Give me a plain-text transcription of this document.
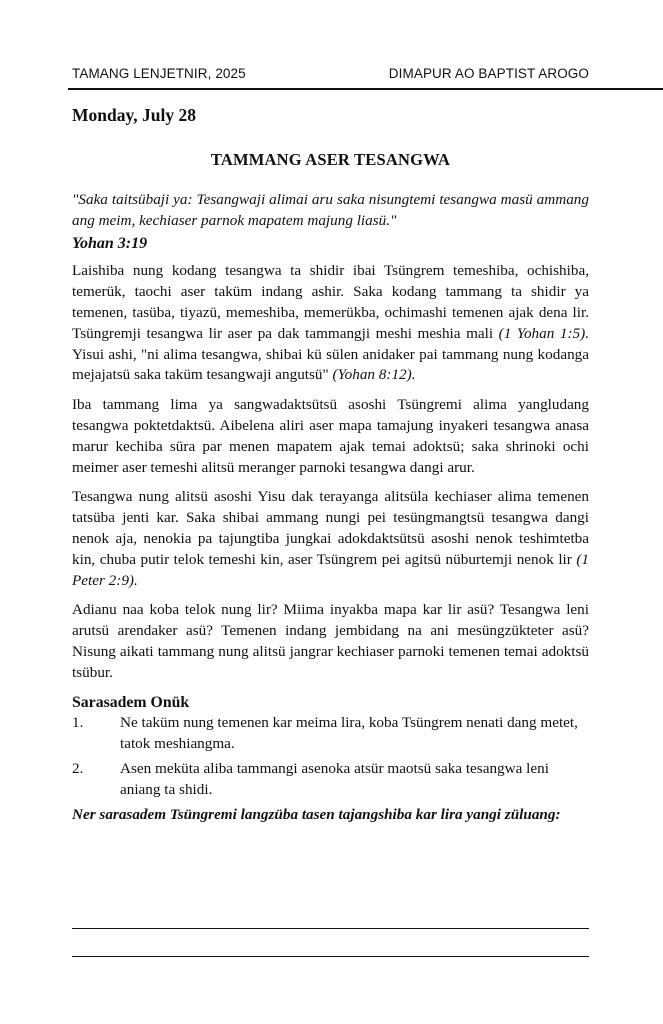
TAMANG LENJETNIR, 2025	DIMAPUR AO BAPTIST AROGO
Monday, July 28
TAMMANG ASER TESANGWA

"Saka taitsübaji ya: Tesangwaji alimai aru saka nisungtemi tesangwa masü ammang ang meim, kechiaser parnok mapatem majung liasü."

Yohan 3:19

Laishiba nung kodang tesangwa ta shidir ibai Tsüngrem temeshiba, ochishiba, temerük, taochi aser taküm indang ashir. Saka kodang tammang ta shidir ya temenen, tasüba, tiyazü, memeshiba, memerükba, ochimashi temenen ajak dena lir. Tsüngremji tesangwa lir aser pa dak tammangji meshi meshia mali (1 Yohan 1:5). Yisui ashi, "ni alima tesangwa, shibai kü sülen anidaker pai tammang nung kodanga mejajatsü saka taküm tesangwaji angutsü" (Yohan 8:12).

Iba tammang lima ya sangwadaktsütsü asoshi Tsüngremi alima yangludang tesangwa poktetdaktsü. Aibelena aliri aser mapa tamajung inyakeri tesangwa anasa marur kechiba süra par menen mapatem ajak temai adoktsü; saka shrinoki ochi meimer aser temeshi alitsü meranger parnoki tesangwa dangi arur.

Tesangwa nung alitsü asoshi Yisu dak terayanga alitsüla kechiaser alima temenen tatsüba jenti kar. Saka shibai ammang nungi pei tesüngmangtsü tesangwa dangi nenok aja, nenokia pa tajungtiba jungkai adokdaktsütsü asoshi nenok teshimtetba kin, chuba putir telok temeshi kin, aser Tsüngrem pei agitsü nüburtemji nenok lir (1 Peter 2:9).

Adianu naa koba telok nung lir? Miima inyakba mapa kar lir asü? Tesangwa leni arutsü arendaker asü? Temenen indang jembidang na ani mesüngzükteter asü? Nisung aikati tammang nung alitsü jangrar kechiaser parnoki temenen temai adoktsü tsübur.

Sarasadem Onük

1.	Ne taküm nung temenen kar meima lira, koba Tsüngrem nenati dang metet, tatok meshiangma.
2.	Asen meküta aliba tammangi asenoka atsür maotsü saka tesangwa leni aniang ta shidi.

Ner sarasadem Tsüngremi langzüba tasen tajangshiba kar lira yangi züluang:
